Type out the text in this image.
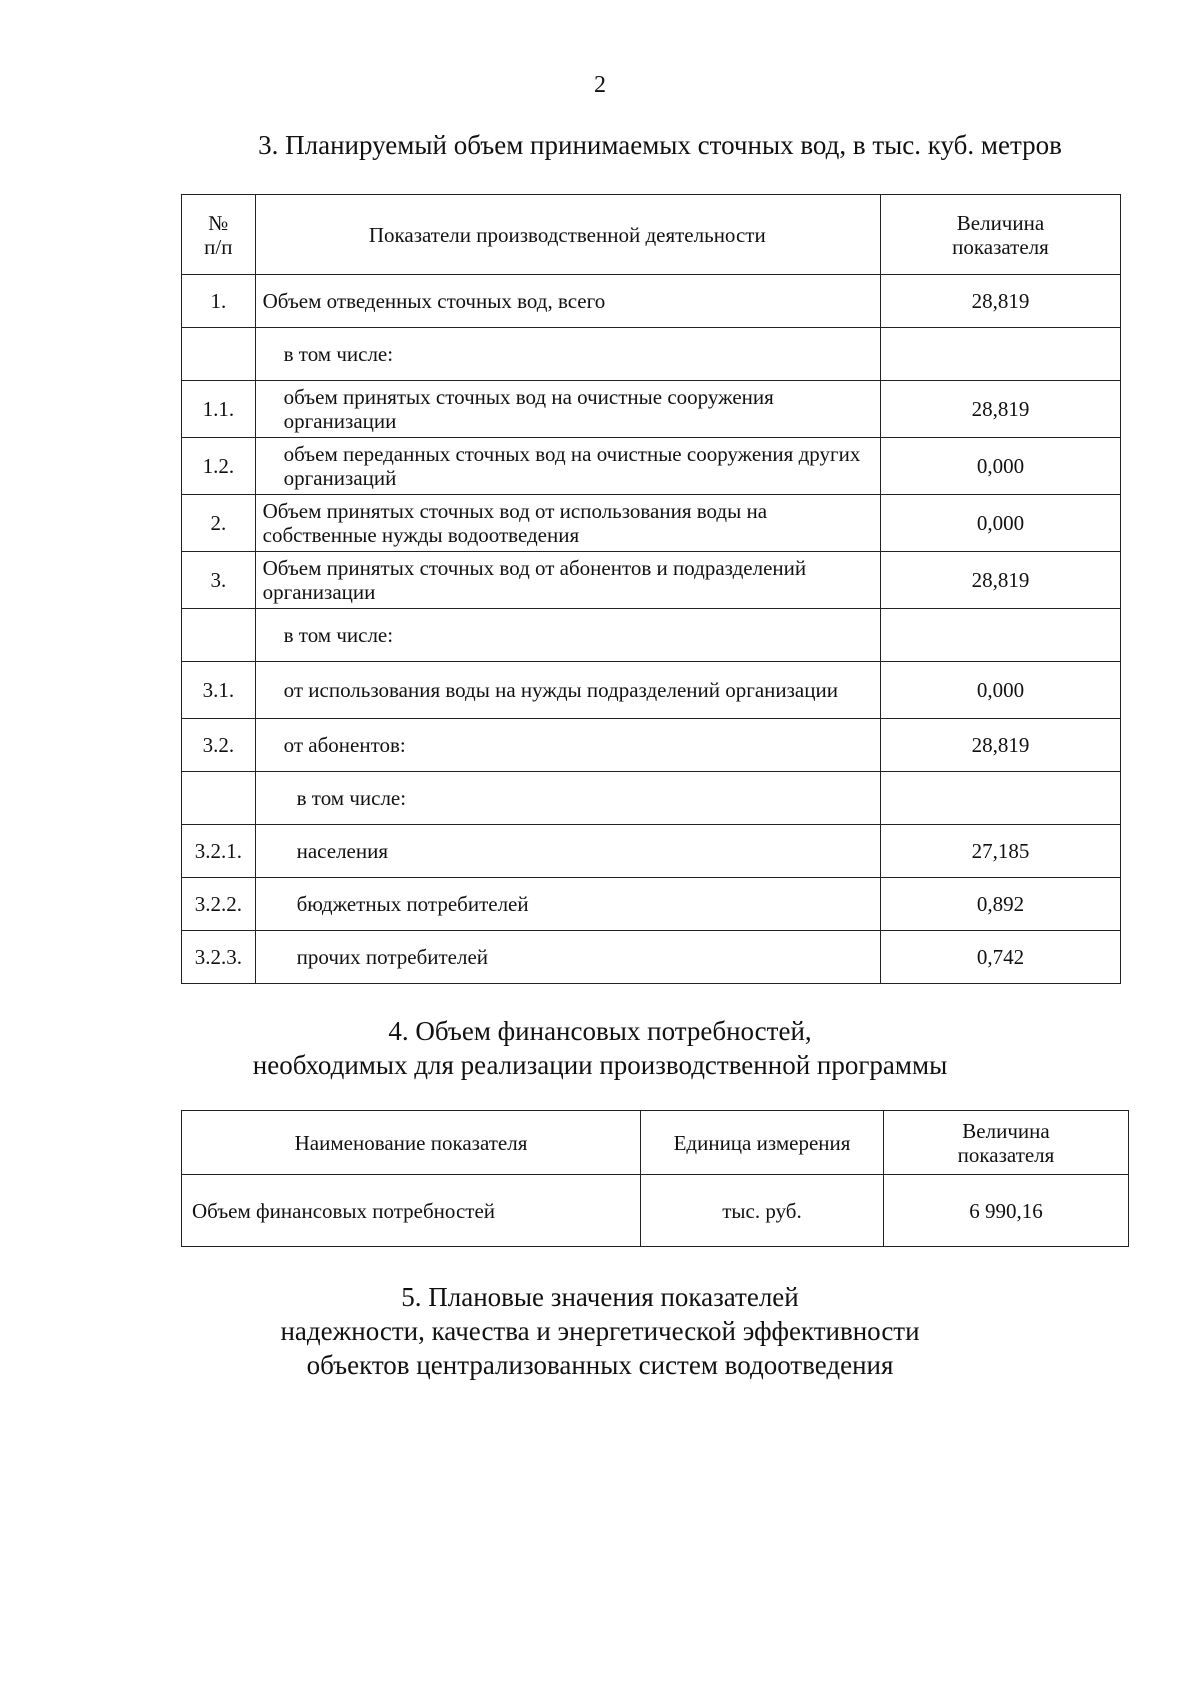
2
3. Планируемый объем принимаемых сточных вод, в тыс. куб. метров
№
п/п	Показатели производственной деятельности	Величина
показателя
1.	Объем отведенных сточных вод, всего	28,819
	в том числе:	
1.1.	объем принятых сточных вод на очистные сооружения организации	28,819
1.2.	объем переданных сточных вод на очистные сооружения других организаций	0,000
2.	Объем принятых сточных вод от использования воды на собственные нужды водоотведения	0,000
3.	Объем принятых сточных вод от абонентов и подразделений организации	28,819
	в том числе:	
3.1.	от использования воды на нужды подразделений организации	0,000
3.2.	от абонентов:	28,819
	в том числе:	
3.2.1.	населения	27,185
3.2.2.	бюджетных потребителей	0,892
3.2.3.	прочих потребителей	0,742
4. Объем финансовых потребностей,
необходимых для реализации производственной программы
Наименование показателя	Единица измерения	Величина
показателя
Объем финансовых потребностей	тыс. руб.	6 990,16
5. Плановые значения показателей
надежности, качества и энергетической эффективности
объектов централизованных систем водоотведения
